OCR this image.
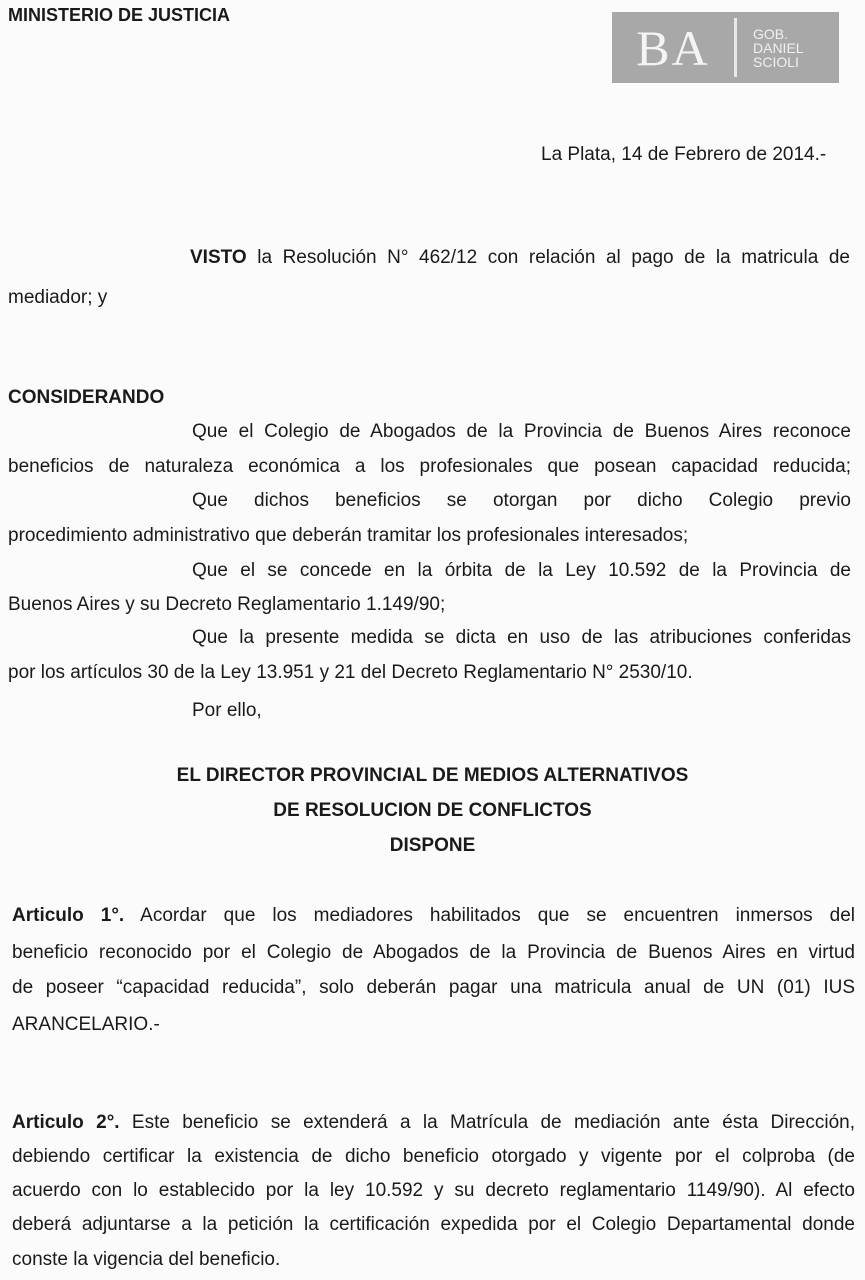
MINISTERIO DE JUSTICIA
BA	GOB.
DANIEL
SCIOLI
La Plata, 14 de Febrero de 2014.-
VISTO la Resolución N° 462/12 con relación al pago de la matricula de
mediador; y
CONSIDERANDO
Que el Colegio de Abogados de la Provincia de Buenos Aires reconoce
beneficios de naturaleza económica a los profesionales que posean capacidad reducida;
Que dichos beneficios se otorgan por dicho Colegio previo
procedimiento administrativo que deberán tramitar los profesionales interesados;
Que el se concede en la órbita de la Ley 10.592 de la Provincia de
Buenos Aires y su Decreto Reglamentario 1.149/90;
Que la presente medida se dicta en uso de las atribuciones conferidas
por los artículos 30 de la Ley 13.951 y 21 del Decreto Reglamentario N° 2530/10.
Por ello,
EL DIRECTOR PROVINCIAL DE MEDIOS ALTERNATIVOS
DE RESOLUCION DE CONFLICTOS
DISPONE
Articulo 1°. Acordar que los mediadores habilitados que se encuentren inmersos del
beneficio reconocido por el Colegio de Abogados de la Provincia de Buenos Aires en virtud
de poseer “capacidad reducida”, solo deberán pagar una matricula anual de UN (01) IUS
ARANCELARIO.-
Articulo 2°. Este beneficio se extenderá a la Matrícula de mediación ante ésta Dirección,
debiendo certificar la existencia de dicho beneficio otorgado y vigente por el colproba (de
acuerdo con lo establecido por la ley 10.592 y su decreto reglamentario 1149/90). Al efecto
deberá adjuntarse a la petición la certificación expedida por el Colegio Departamental donde
conste la vigencia del beneficio.
